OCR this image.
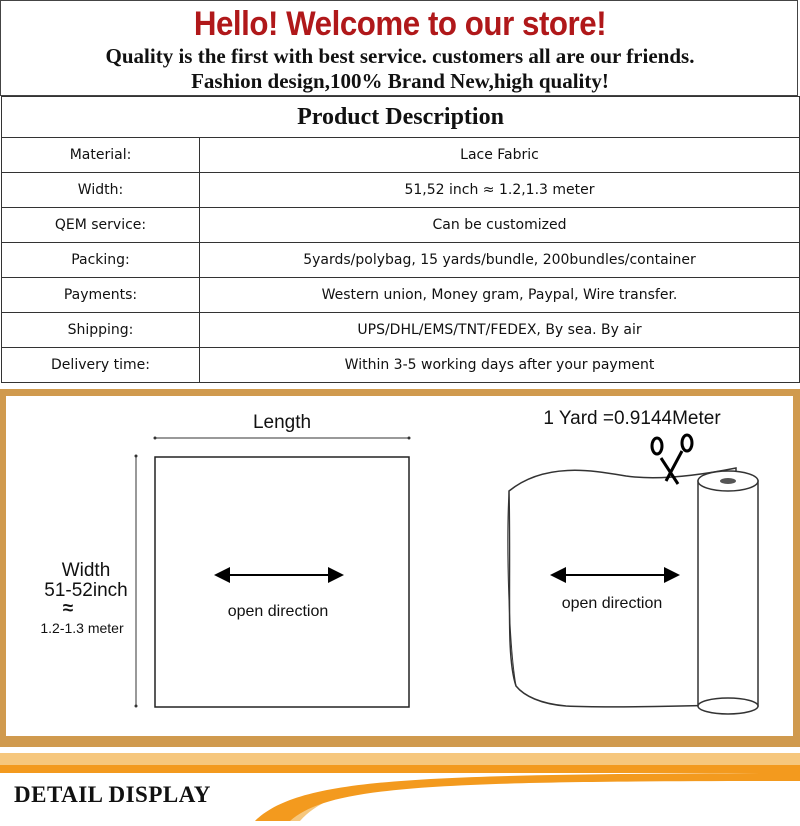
Hello! Welcome to our store!
Quality is the first with best service. customers all are our friends.
Fashion design,100% Brand New,high quality!
Product Description	
Material:	Lace Fabric
Width:	51,52 inch ≈ 1.2,1.3 meter
QEM service:	Can be customized
Packing:	5yards/polybag, 15 yards/bundle, 200bundles/container
Payments:	Western union, Money gram, Paypal, Wire transfer.
Shipping:	UPS/DHL/EMS/TNT/FEDEX, By sea. By air
Delivery time:	Within 3-5 working days after your payment
Length
open direction
Width
51-52inch
≈
1.2-1.3 meter
1 Yard =0.9144Meter
open direction
DETAIL DISPLAY
